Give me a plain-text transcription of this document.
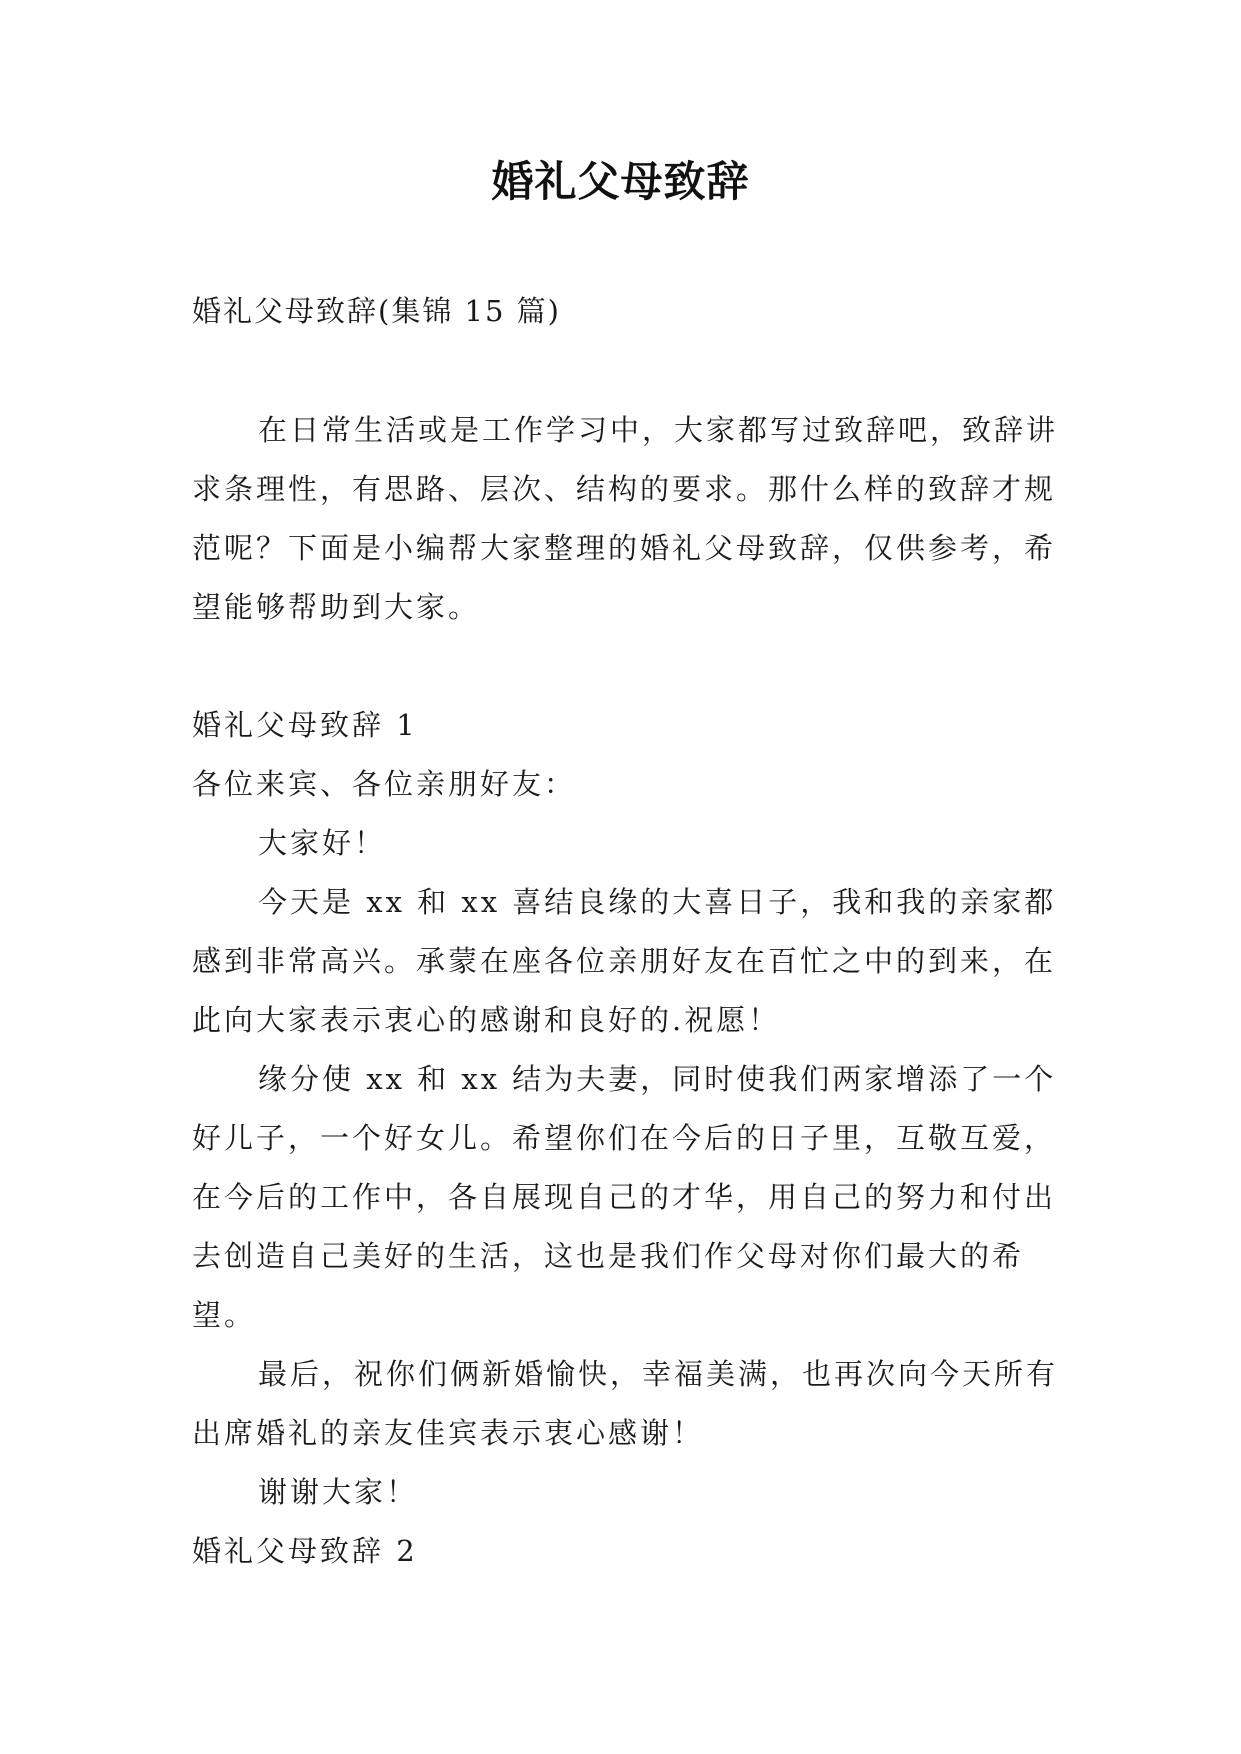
婚礼父母致辞
婚礼父母致辞(集锦 15 篇)

在日常生活或是工作学习中，大家都写过致辞吧，致辞讲求条理性，有思路、层次、结构的要求。那什么样的致辞才规范呢？下面是小编帮大家整理的婚礼父母致辞，仅供参考，希望能够帮助到大家。

婚礼父母致辞 1

各位来宾、各位亲朋好友：

大家好！

今天是 xx 和 xx 喜结良缘的大喜日子，我和我的亲家都感到非常高兴。承蒙在座各位亲朋好友在百忙之中的到来，在此向大家表示衷心的感谢和良好的.祝愿！

缘分使 xx 和 xx 结为夫妻，同时使我们两家增添了一个好儿子，一个好女儿。希望你们在今后的日子里，互敬互爱，在今后的工作中，各自展现自己的才华，用自己的努力和付出去创造自己美好的生活，这也是我们作父母对你们最大的希望。

最后，祝你们俩新婚愉快，幸福美满，也再次向今天所有出席婚礼的亲友佳宾表示衷心感谢！

谢谢大家！

婚礼父母致辞 2
